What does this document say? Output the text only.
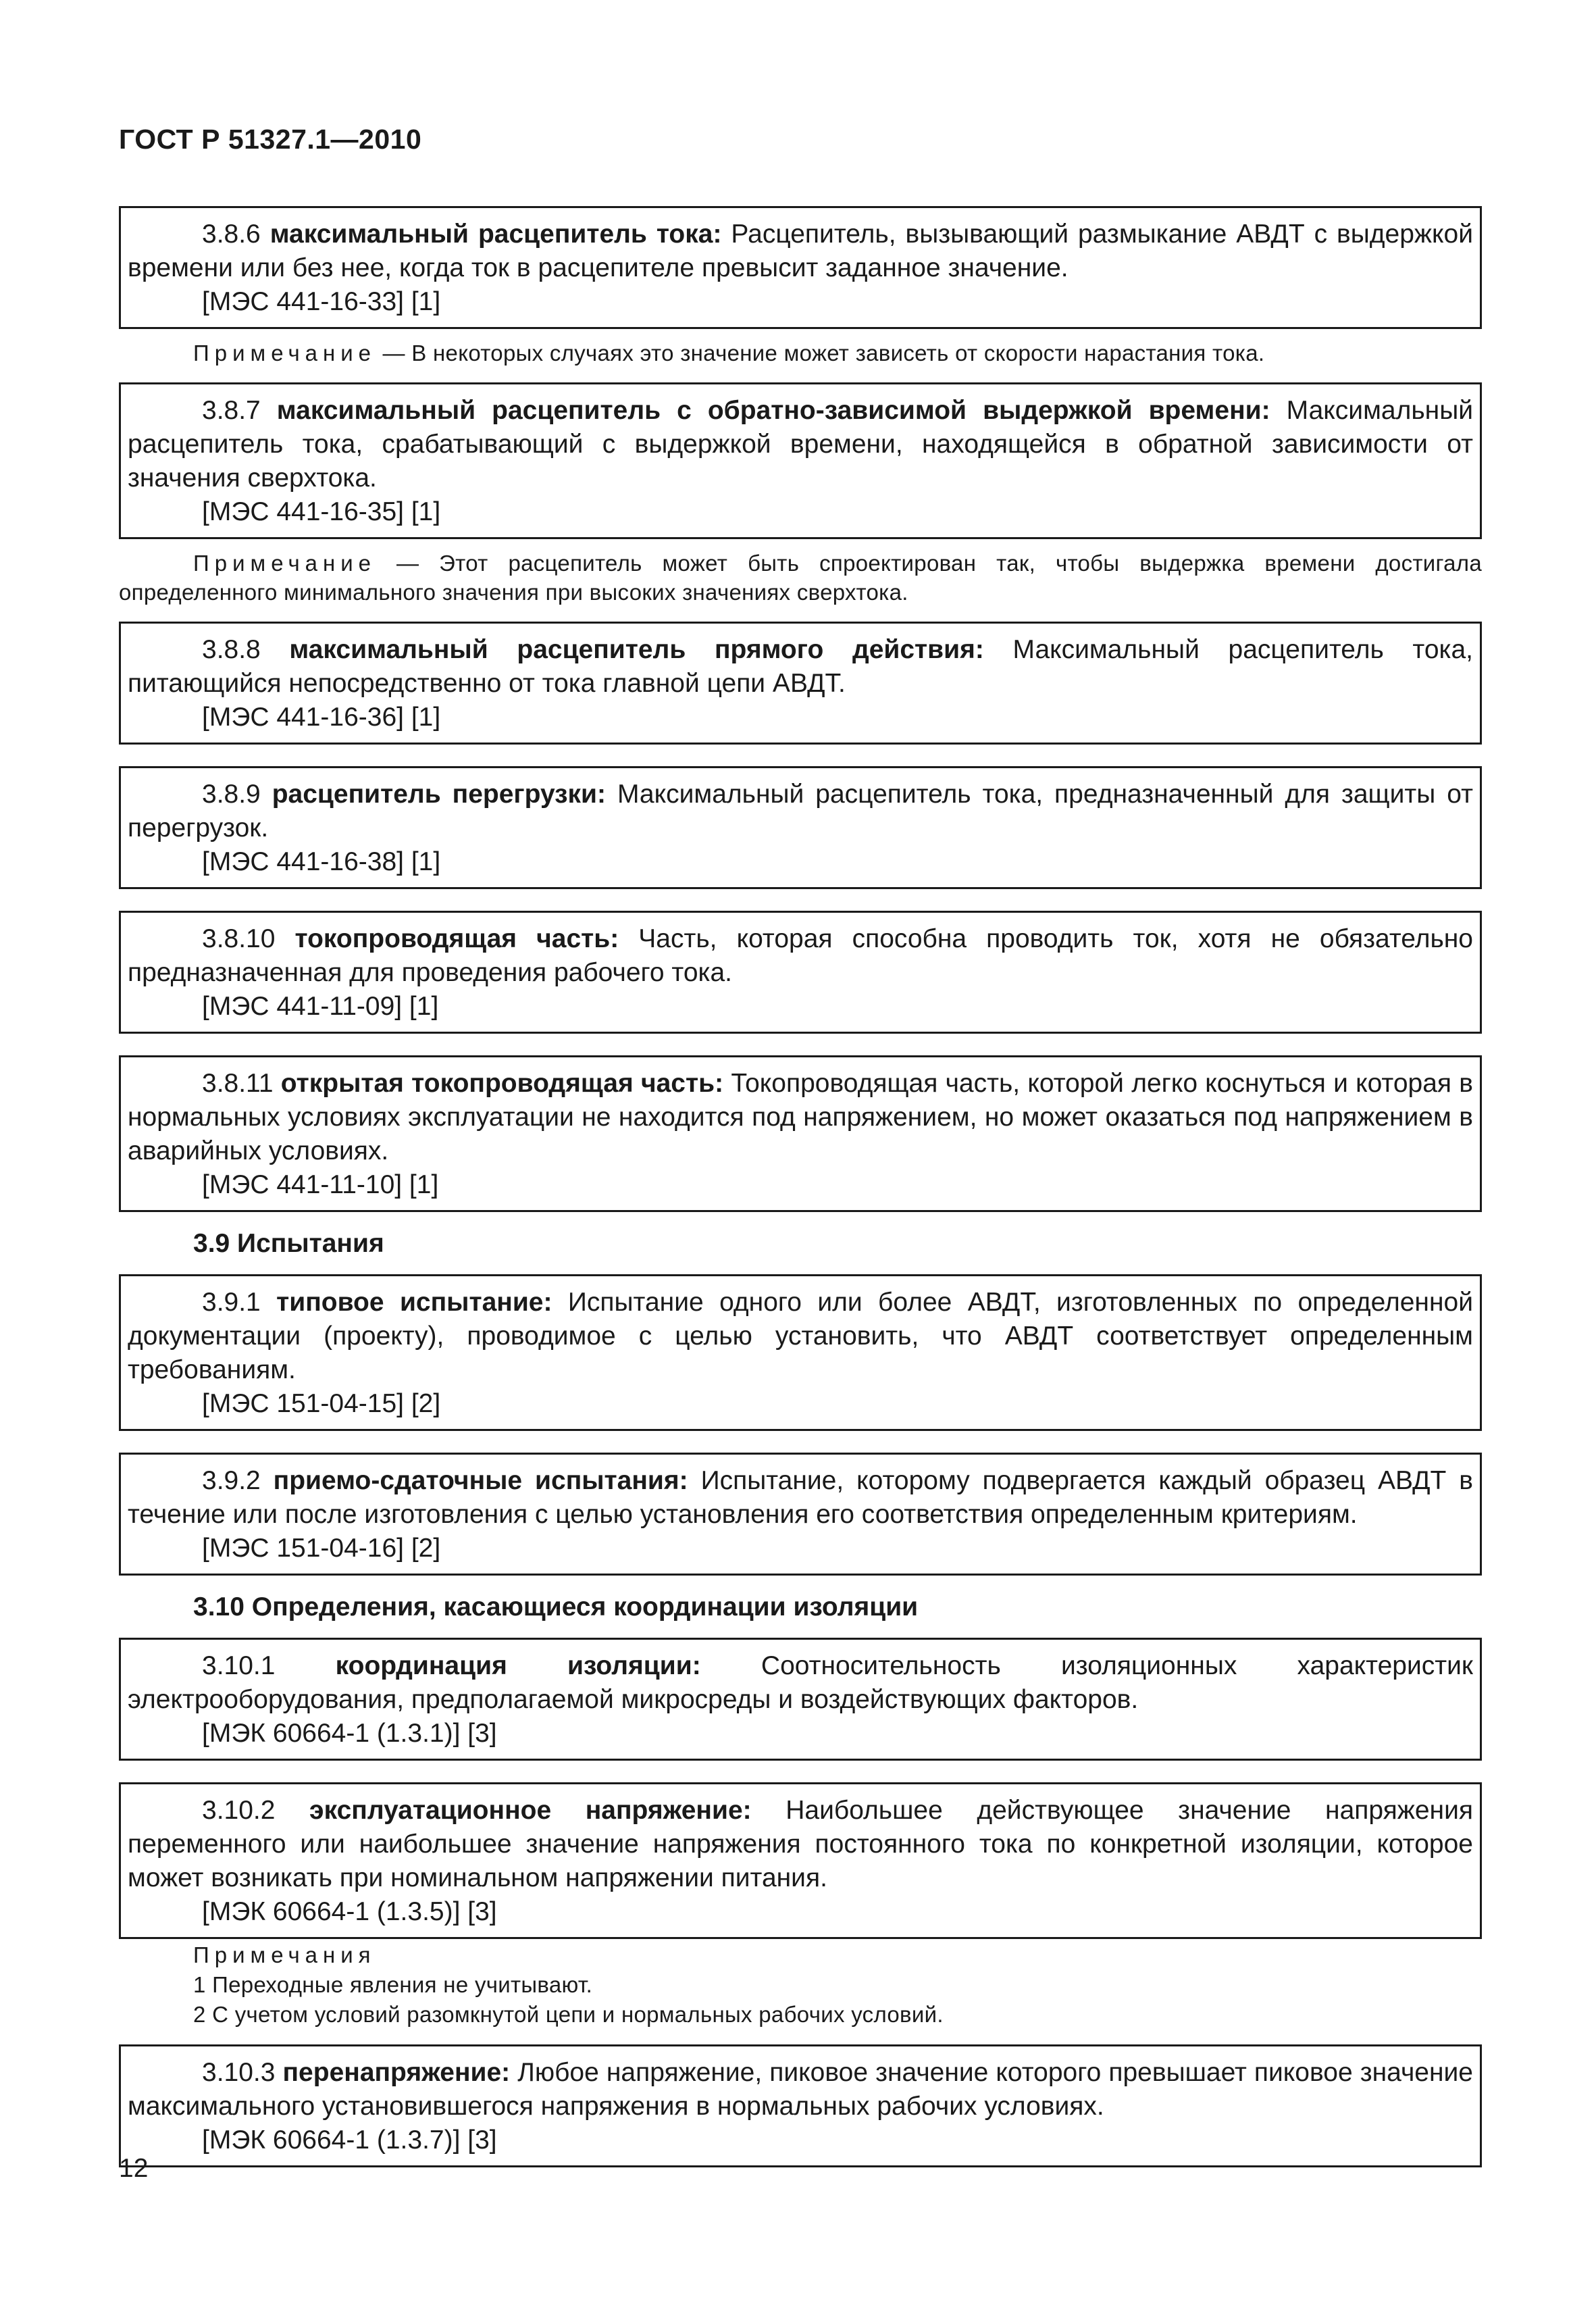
ГОСТ Р 51327.1—2010

3.8.6 максимальный расцепитель тока: Расцепитель, вызывающий размыкание АВДТ с выдержкой времени или без нее, когда ток в расцепителе превысит заданное значение.

[МЭС 441-16-33] [1]
Примечание — В некоторых случаях это значение может зависеть от скорости нарастания тока.

3.8.7 максимальный расцепитель с обратно-зависимой выдержкой времени: Максимальный расцепитель тока, срабатывающий с выдержкой времени, находящейся в обратной зависимости от значения сверхтока.

[МЭС 441-16-35] [1]
Примечание — Этот расцепитель может быть спроектирован так, чтобы выдержка времени достигала определенного минимального значения при высоких значениях сверхтока.

3.8.8 максимальный расцепитель прямого действия: Максимальный расцепитель тока, питающийся непосредственно от тока главной цепи АВДТ.

[МЭС 441-16-36] [1]

3.8.9 расцепитель перегрузки: Максимальный расцепитель тока, предназначенный для защиты от перегрузок.

[МЭС 441-16-38] [1]

3.8.10 токопроводящая часть: Часть, которая способна проводить ток, хотя не обязательно предназначенная для проведения рабочего тока.

[МЭС 441-11-09] [1]

3.8.11 открытая токопроводящая часть: Токопроводящая часть, которой легко коснуться и которая в нормальных условиях эксплуатации не находится под напряжением, но может оказаться под напряжением в аварийных условиях.

[МЭС 441-11-10] [1]
3.9 Испытания

3.9.1 типовое испытание: Испытание одного или более АВДТ, изготовленных по определенной документации (проекту), проводимое с целью установить, что АВДТ соответствует определенным требованиям.

[МЭС 151-04-15] [2]

3.9.2 приемо-сдаточные испытания: Испытание, которому подвергается каждый образец АВДТ в течение или после изготовления с целью установления его соответствия определенным критериям.

[МЭС 151-04-16] [2]
3.10 Определения, касающиеся координации изоляции

3.10.1 координация изоляции: Соотносительность изоляционных характеристик электрооборудования, предполагаемой микросреды и воздействующих факторов.

[МЭК 60664-1 (1.3.1)] [3]

3.10.2 эксплуатационное напряжение: Наибольшее действующее значение напряжения переменного или наибольшее значение напряжения постоянного тока по конкретной изоляции, которое может возникать при номинальном напряжении питания.

[МЭК 60664-1 (1.3.5)] [3]
Примечания
1 Переходные явления не учитывают.
2 С учетом условий разомкнутой цепи и нормальных рабочих условий.

3.10.3 перенапряжение: Любое напряжение, пиковое значение которого превышает пиковое значение максимального установившегося напряжения в нормальных рабочих условиях.

[МЭК 60664-1 (1.3.7)] [3]
12
